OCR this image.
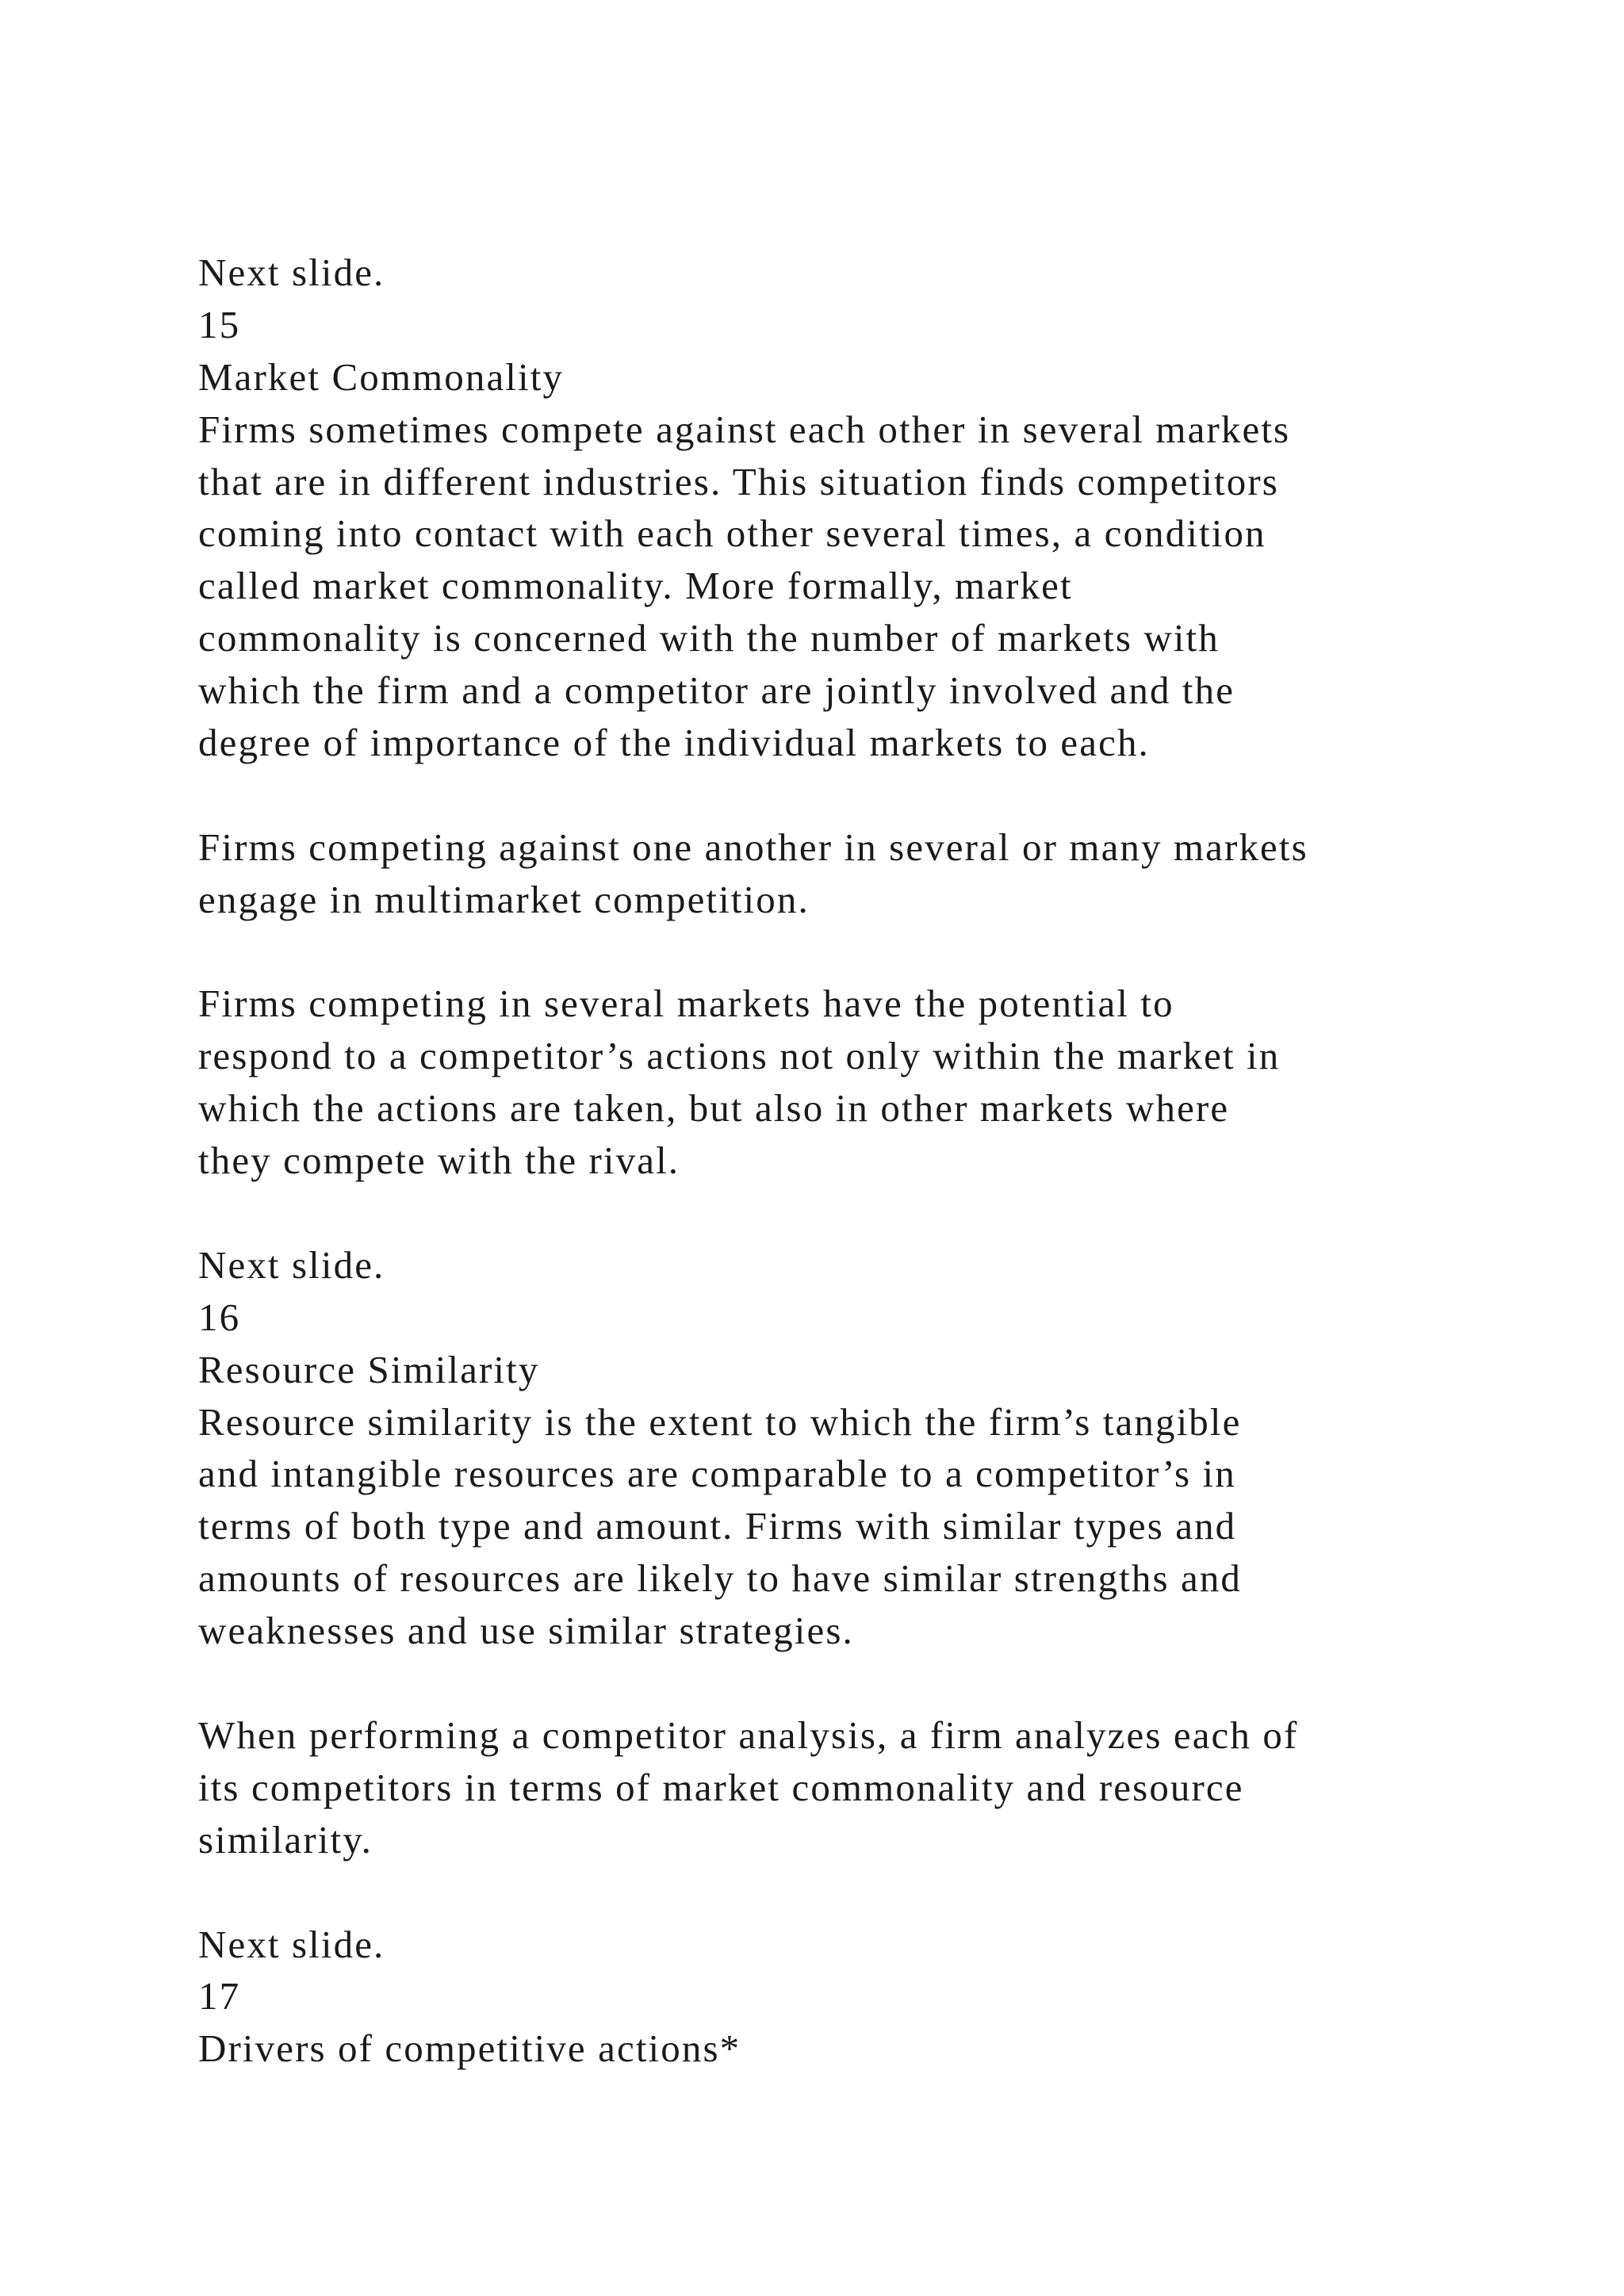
Next slide.
15
Market Commonality
Firms sometimes compete against each other in several markets
that are in different industries. This situation finds competitors
coming into contact with each other several times, a condition
called market commonality. More formally, market
commonality is concerned with the number of markets with
which the firm and a competitor are jointly involved and the
degree of importance of the individual markets to each.
Firms competing against one another in several or many markets
engage in multimarket competition.
Firms competing in several markets have the potential to
respond to a competitor’s actions not only within the market in
which the actions are taken, but also in other markets where
they compete with the rival.
Next slide.
16
Resource Similarity
Resource similarity is the extent to which the firm’s tangible
and intangible resources are comparable to a competitor’s in
terms of both type and amount. Firms with similar types and
amounts of resources are likely to have similar strengths and
weaknesses and use similar strategies.
When performing a competitor analysis, a firm analyzes each of
its competitors in terms of market commonality and resource
similarity.
Next slide.
17
Drivers of competitive actions*
